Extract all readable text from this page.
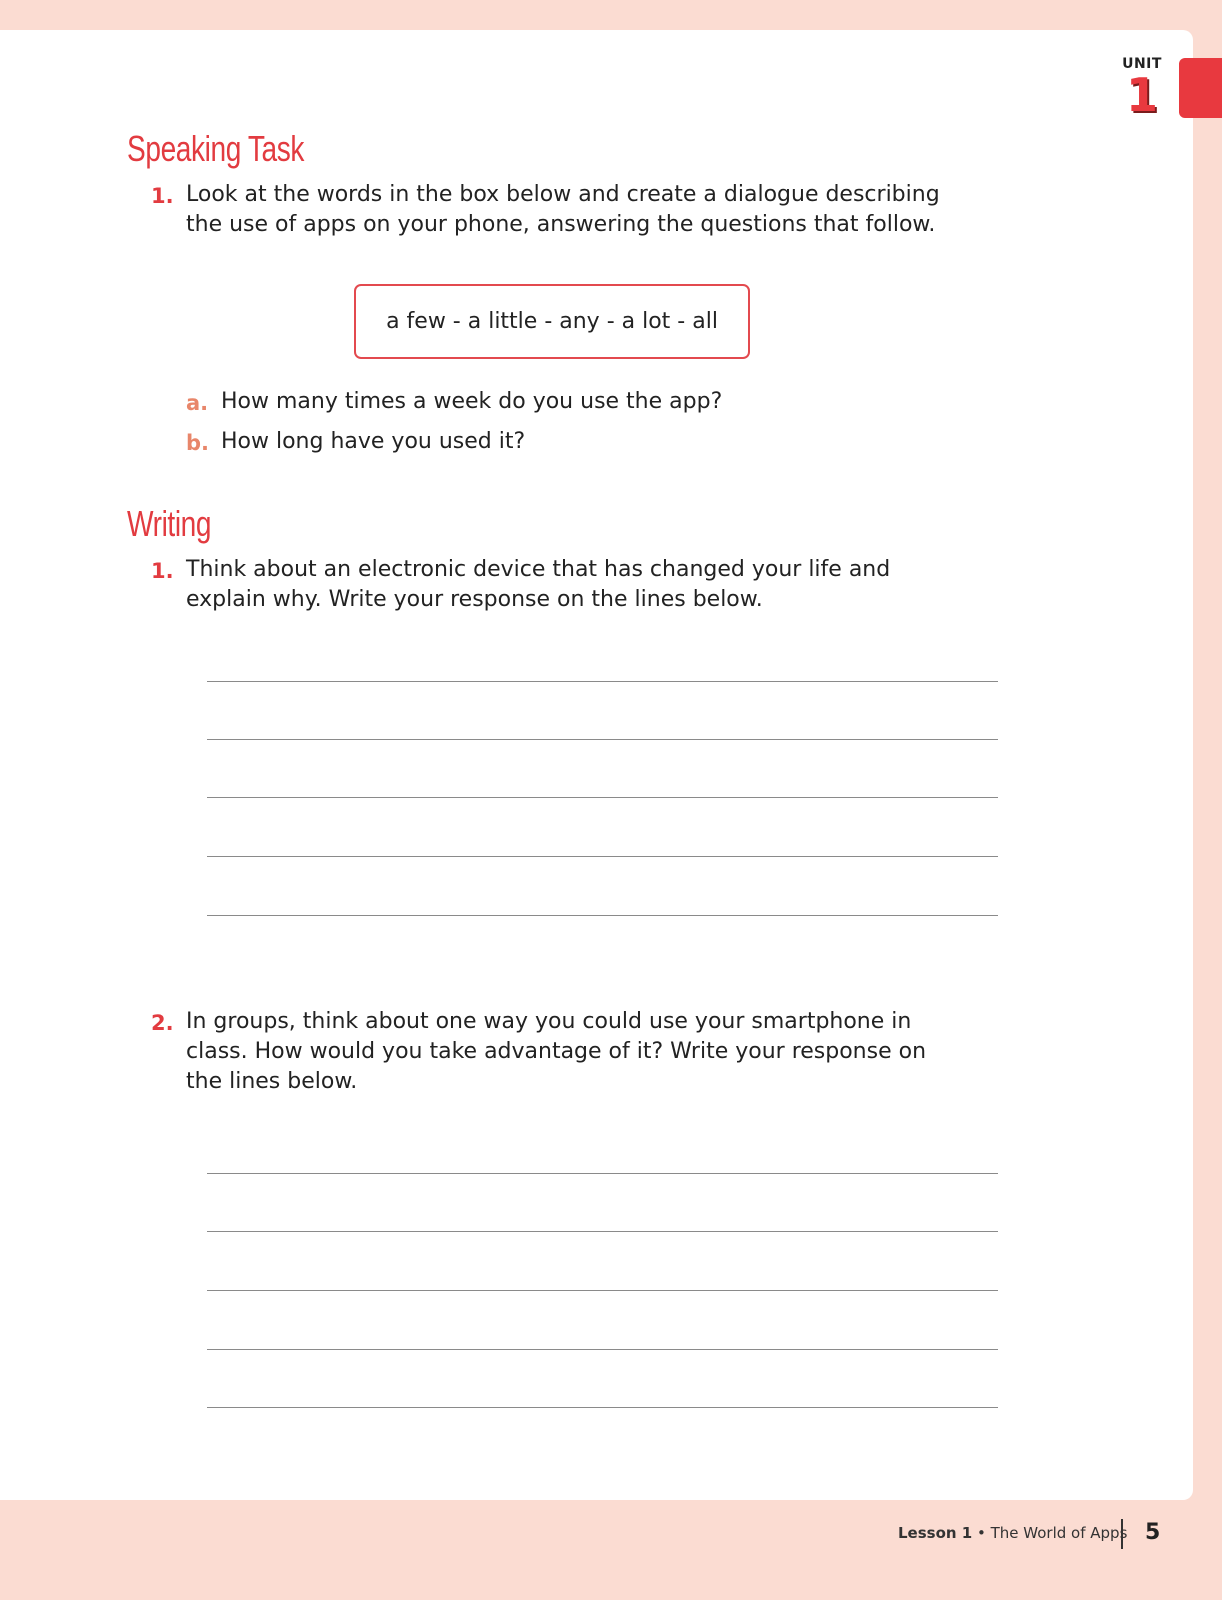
UNIT
1
Speaking Task
1. Look at the words in the box below and create a dialogue describing the use of apps on your phone, answering the questions that follow.
a few - a little - any - a lot - all
a. How many times a week do you use the app?
b. How long have you used it?
Writing
1. Think about an electronic device that has changed your life and explain why. Write your response on the lines below.
2. In groups, think about one way you could use your smartphone in class. How would you take advantage of it? Write your response on the lines below.
Lesson 1 • The World of Apps 5
